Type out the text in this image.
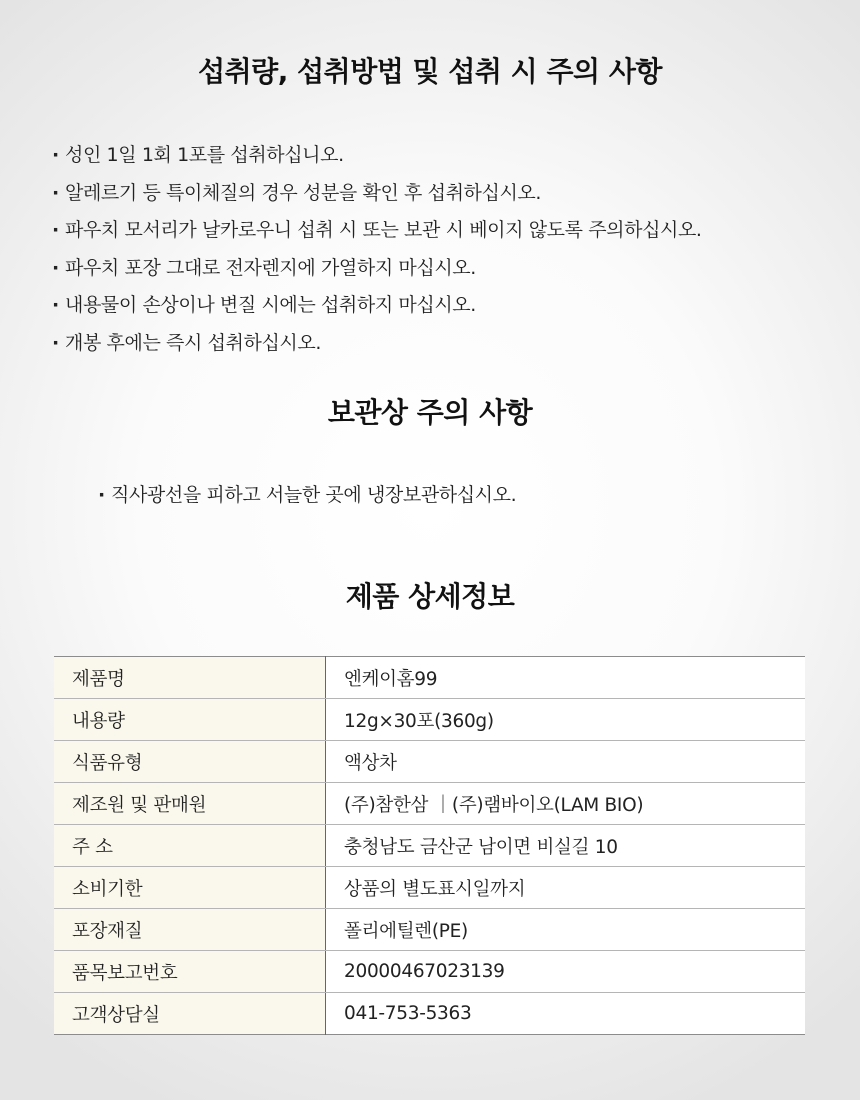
섭취량, 섭취방법 및 섭취 시 주의 사항
· 성인 1일 1회 1포를 섭취하십니오.
· 알레르기 등 특이체질의 경우 성분을 확인 후 섭취하십시오.
· 파우치 모서리가 날카로우니 섭취 시 또는 보관 시 베이지 않도록 주의하십시오.
· 파우치 포장 그대로 전자렌지에 가열하지 마십시오.
· 내용물이 손상이나 변질 시에는 섭취하지 마십시오.
· 개봉 후에는 즉시 섭취하십시오.
보관상 주의 사항
· 직사광선을 피하고 서늘한 곳에 냉장보관하십시오.
제품 상세정보
제품명	엔케이홈99
내용량	12g×30포(360g)
식품유형	액상차
제조원 및 판매원	(주)참한삼 ｜(주)램바이오(LAM BIO)
주 소	충청남도 금산군 남이면 비실길 10
소비기한	상품의 별도표시일까지
포장재질	폴리에틸렌(PE)
품목보고번호	20000467023139
고객상담실	041-753-5363
